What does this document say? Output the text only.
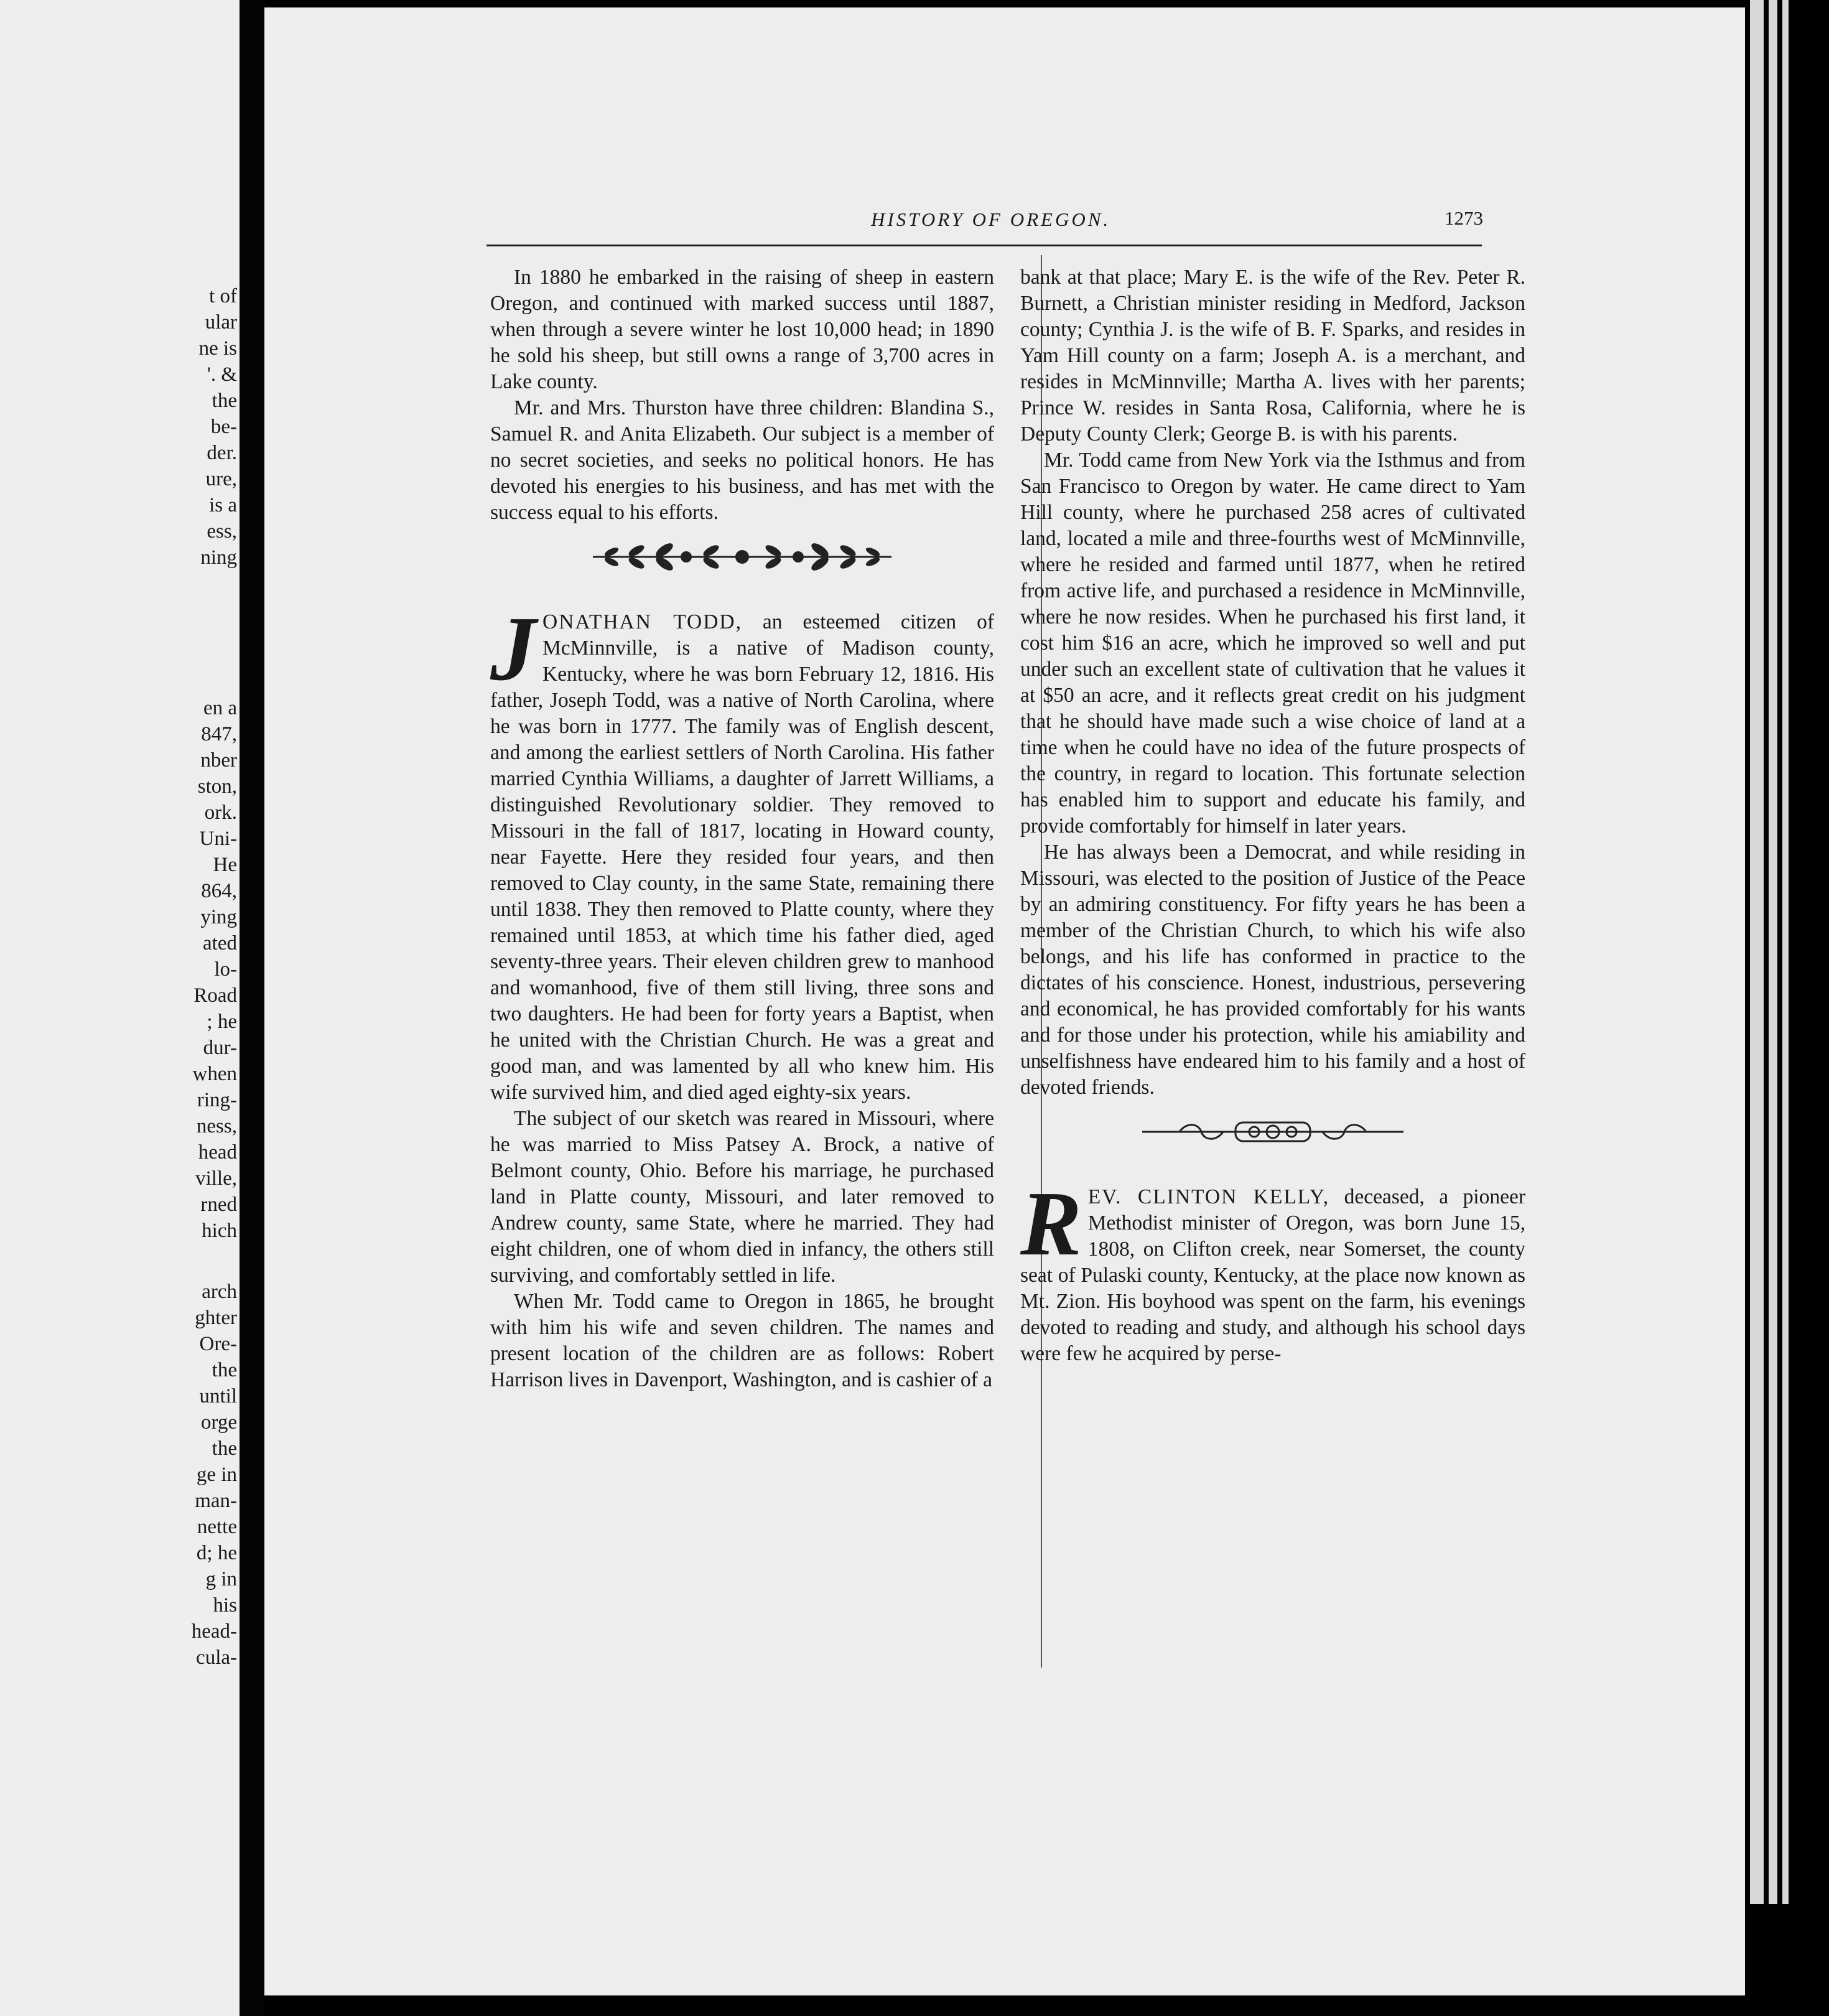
t of
ular
ne is
'. &
the
be-
der.
ure,
is a
ess,
ning
en a
847,
nber
ston,
ork.
Uni-
He
864,
ying
ated
lo-
Road
; he
dur-
when
ring-
ness,
head
ville,
rned
hich
arch
ghter
Ore-
the
until
orge
the
ge in
man-
nette
d; he
g in
his
head-
cula-
HISTORY OF OREGON.	1273

In 1880 he embarked in the raising of sheep in eastern Oregon, and continued with marked success until 1887, when through a severe winter he lost 10,000 head; in 1890 he sold his sheep, but still owns a range of 3,700 acres in Lake county.

Mr. and Mrs. Thurston have three children: Blandina S., Samuel R. and Anita Elizabeth. Our subject is a member of no secret societies, and seeks no political honors. He has devoted his energies to his business, and has met with the success equal to his efforts.

JONATHAN TODD, an esteemed citizen of McMinnville, is a native of Madison county, Kentucky, where he was born February 12, 1816. His father, Joseph Todd, was a native of North Carolina, where he was born in 1777. The family was of English descent, and among the earliest settlers of North Carolina. His father married Cynthia Williams, a daughter of Jarrett Williams, a distinguished Revolutionary soldier. They removed to Missouri in the fall of 1817, locating in Howard county, near Fayette. Here they resided four years, and then removed to Clay county, in the same State, remaining there until 1838. They then removed to Platte county, where they remained until 1853, at which time his father died, aged seventy-three years. Their eleven children grew to manhood and womanhood, five of them still living, three sons and two daughters. He had been for forty years a Baptist, when he united with the Christian Church. He was a great and good man, and was lamented by all who knew him. His wife survived him, and died aged eighty-six years.

The subject of our sketch was reared in Missouri, where he was married to Miss Patsey A. Brock, a native of Belmont county, Ohio. Before his marriage, he purchased land in Platte county, Missouri, and later removed to Andrew county, same State, where he married. They had eight children, one of whom died in infancy, the others still surviving, and comfortably settled in life.

When Mr. Todd came to Oregon in 1865, he brought with him his wife and seven children. The names and present location of the children are as follows: Robert Harrison lives in Davenport, Washington, and is cashier of a

bank at that place; Mary E. is the wife of the Rev. Peter R. Burnett, a Christian minister residing in Medford, Jackson county; Cynthia J. is the wife of B. F. Sparks, and resides in Yam Hill county on a farm; Joseph A. is a merchant, and resides in McMinnville; Martha A. lives with her parents; Prince W. resides in Santa Rosa, California, where he is Deputy County Clerk; George B. is with his parents.

Mr. Todd came from New York via the Isthmus and from San Francisco to Oregon by water. He came direct to Yam Hill county, where he purchased 258 acres of cultivated land, located a mile and three-fourths west of McMinnville, where he resided and farmed until 1877, when he retired from active life, and purchased a residence in McMinnville, where he now resides. When he purchased his first land, it cost him $16 an acre, which he improved so well and put under such an excellent state of cultivation that he values it at $50 an acre, and it reflects great credit on his judgment that he should have made such a wise choice of land at a time when he could have no idea of the future prospects of the country, in regard to location. This fortunate selection has enabled him to support and educate his family, and provide comfortably for himself in later years.

He has always been a Democrat, and while residing in Missouri, was elected to the position of Justice of the Peace by an admiring constituency. For fifty years he has been a member of the Christian Church, to which his wife also belongs, and his life has conformed in practice to the dictates of his conscience. Honest, industrious, persevering and economical, he has provided comfortably for his wants and for those under his protection, while his amiability and unselfishness have endeared him to his family and a host of devoted friends.

REV. CLINTON KELLY, deceased, a pioneer Methodist minister of Oregon, was born June 15, 1808, on Clifton creek, near Somerset, the county seat of Pulaski county, Kentucky, at the place now known as Mt. Zion. His boyhood was spent on the farm, his evenings devoted to reading and study, and although his school days were few he acquired by perse-
